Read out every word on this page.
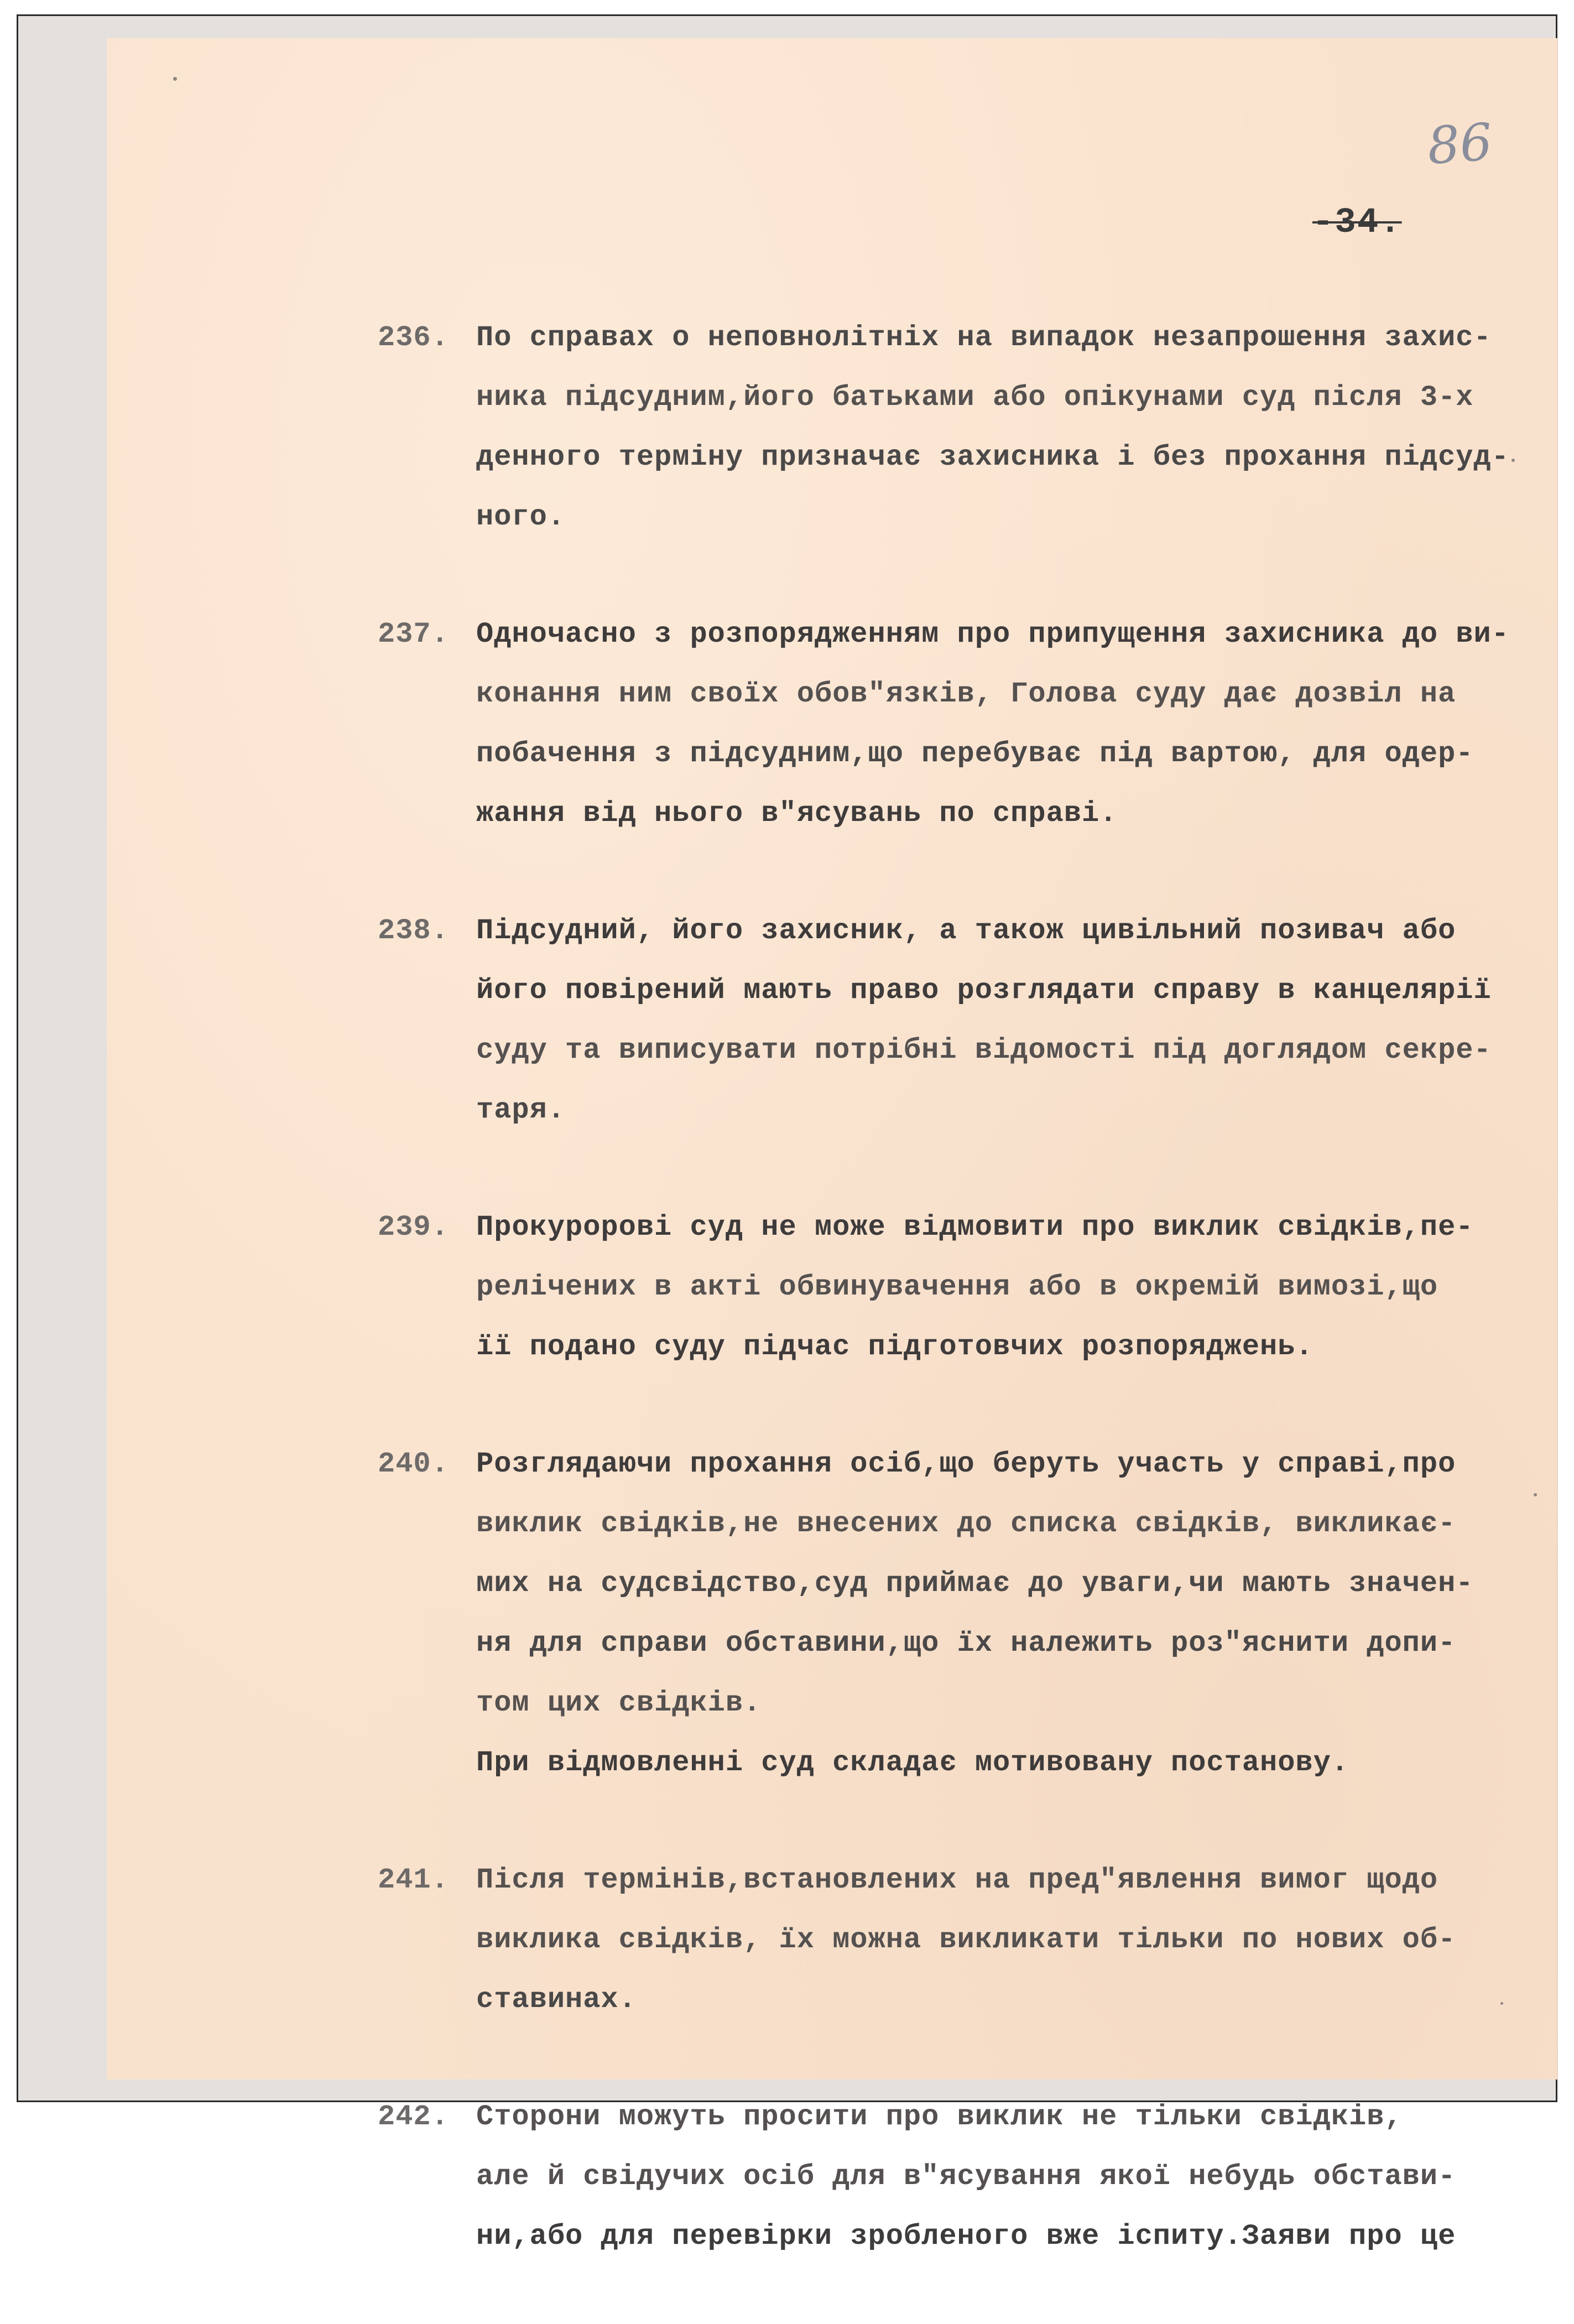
86
-34.
236. По справах о неповнолітніх на випадок незапрошення захис-
ника підсудним,його батьками або опікунами суд після 3-х
денного терміну призначає захисника і без прохання підсуд-
ного.
237. Одночасно з розпорядженням про припущення захисника до ви-
конання ним своїх обов"язків, Голова суду дає дозвіл на
побачення з підсудним,що перебуває під вартою, для одер-
жання від нього в"ясувань по справі.
238. Підсудний, його захисник, а також цивільний позивач або
його повірений мають право розглядати справу в канцелярії
суду та виписувати потрібні відомості під доглядом секре-
таря.
239. Прокуророві суд не може відмовити про виклик свідків,пе-
релічених в акті обвинувачення або в окремій вимозі,що
її подано суду підчас підготовчих розпоряджень.
240. Розглядаючи прохання осіб,що беруть участь у справі,про
виклик свідків,не внесених до списка свідків, викликає-
мих на судсвідство,суд приймає до уваги,чи мають значен-
ня для справи обставини,що їх належить роз"яснити допи-
том цих свідків.
При відмовленні суд складає мотивовану постанову.
241. Після термінів,встановлених на пред"явлення вимог щодо
виклика свідків, їх можна викликати тільки по нових об-
ставинах.
242. Сторони можуть просити про виклик не тільки свідків,
але й свідучих осіб для в"ясування якої небудь обстави-
ни,або для перевірки зробленого вже іспиту.Заяви про це
